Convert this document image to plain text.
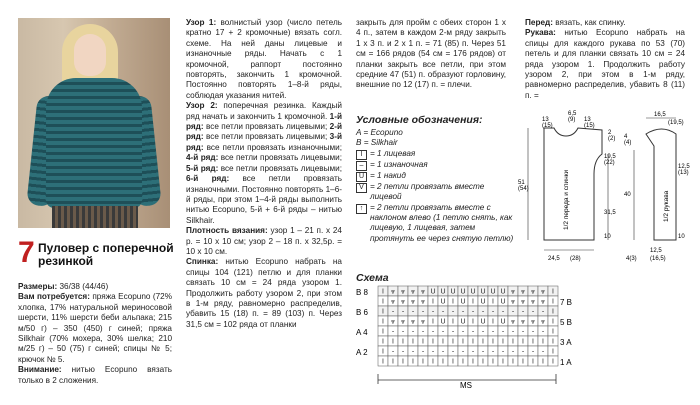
7 Пуловер с поперечной
резинкой

Размеры: 36/38 (44/46)

Вам потребуется: пряжа Ecopuno (72% хлопка, 17% натуральной мериносовой шерсти, 11% шерсти беби альпака; 215 м/50 г) – 350 (450) г синей; пряжа Silkhair (70% мохера, 30% шелка; 210 м/25 г) – 50 (75) г синей; спицы № 5; крючок № 5.

Внимание: нитью Ecopuno вязать только в 2 сложения.

Узор 1: волнистый узор (число петель кратно 17 + 2 кромочные) вязать согл. схеме. На ней даны лицевые и изнаночные ряды. Начать с 1 кромочной, раппорт постоянно повторять, закончить 1 кромочной. Постоянно повторять 1–8-й ряды, соблюдая указания нитей.

Узор 2: поперечная резинка. Каждый ряд начать и закончить 1 кромочной. 1-й ряд: все петли провязать лицевыми; 2-й ряд: все петли провязать лицевыми; 3-й ряд: все петли провязать изнаночными; 4-й ряд: все петли провязать лицевыми; 5-й ряд: все петли провязать лицевыми; 6-й ряд: все петли провязать изнаночными. Постоянно повторять 1–6-й ряды, при этом 1–4-й ряды выполнить нитью Ecopuno, 5-й + 6-й ряды – нитью Silkhair.

Плотность вязания: узор 1 – 21 п. х 24 р. = 10 х 10 см; узор 2 – 18 п. х 32,5р. = 10 х 10 см.

Спинка: нитью Ecopuno набрать на спицы 104 (121) петлю и для планки связать 10 см = 24 ряда узором 1. Продолжить работу узором 2, при этом в 1-м ряду, равномерно распределив, убавить 15 (18) п. = 89 (103) п. Через 31,5 см = 102 ряда от планки

закрыть для пройм с обеих сторон 1 х 4 п., затем в каждом 2-м ряду закрыть 1 х 3 п. и 2 х 1 п. = 71 (85) п. Через 51 см = 166 рядов (54 см = 176 рядов) от планки закрыть все петли, при этом средние 47 (51) п. образуют горловину, внешние по 12 (17) п. = плечи.

Перед: вязать, как спинку.

Рукава: нитью Ecopuno набрать на спицы для каждого рукава по 53 (70) петель и для планки связать 10 см = 24 ряда узором 1. Продолжить работу узором 2, при этом в 1-м ряду, равномерно распределив, убавить 8 (11) п. =

Условные обозначения:
A = Ecopuno
B = Silkhair
I = 1 лицевая
– = 1 изнаночная
U = 1 накид
V = 2 петли провязать вместе лицевой
↑ = 2 петли провязать вместе с наклоном влево (1 петлю снять, как лицевую, 1 лицевая, затем протянуть ее через снятую петлю)
Схема
I ⩔ ⩔ ⩔ ⩔ U U U U U U U U ⩔ ⩔ ⩔ ⩔ I
I ⩔ ⩔ ⩔ ⩔ I U I U I U I U ⩔ ⩔ ⩔ ⩔ I
I - - - - - - - - - - - - - - - - I
I ⩔ ⩔ ⩔ ⩔ I U I U I U I U ⩔ ⩔ ⩔ ⩔ I
I - - - - - - - - - - - - - - - - I
I I I I I I I I I I I I I I I I I I
I - - - - - - - - - - - - - - - - I
I I I I I I I I I I I I I I I I I I
B 8
B 6
A 4
A 2
7 B
5 B
3 A
1 A
MS
6,5
(9)
13
(15)
13
(15)
2
(2)
19,5
(22)
51
(54)
31,5
1/2 переда и спинки
10
24,5 (28)
16,5
(19,5)
4
(4)
12,5
40
(13)
1/2 рукава
10
4(3)
12,5
(16,5)
